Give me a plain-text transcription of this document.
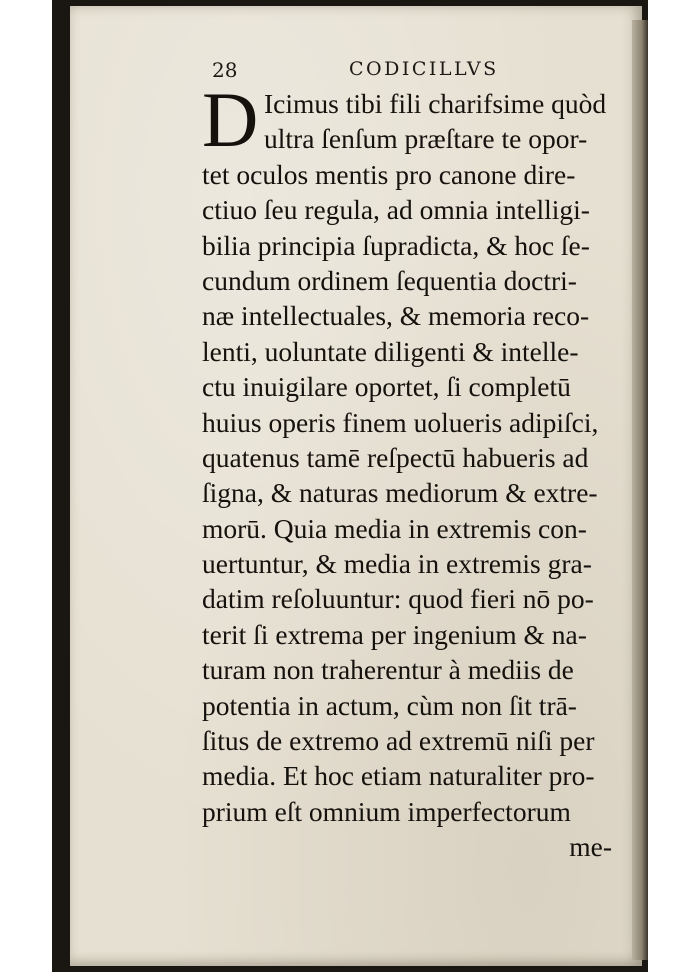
28	CODICILLVS
D Icimus tibi fili charifsime quòd
ultra ſenſum præſtare te opor-
tet oculos mentis pro canone dire-
ctiuo ſeu regula, ad omnia intelligi-
bilia principia ſupradicta, & hoc ſe-
cundum ordinem ſequentia doctri-
næ intellectuales, & memoria reco-
lenti, uoluntate diligenti & intelle-
ctu inuigilare oportet, ſi completū
huius operis finem uolueris adipiſci,
quatenus tamē reſpectū habueris ad
ſigna, & naturas mediorum & extre-
morū. Quia media in extremis con-
uertuntur, & media in extremis gra-
datim reſoluuntur: quod fieri nō po-
terit ſi extrema per ingenium & na-
turam non traherentur à mediis de
potentia in actum, cùm non ſit trā-
ſitus de extremo ad extremū niſi per
media. Et hoc etiam naturaliter pro-
prium eſt omnium imperfectorum
me-
